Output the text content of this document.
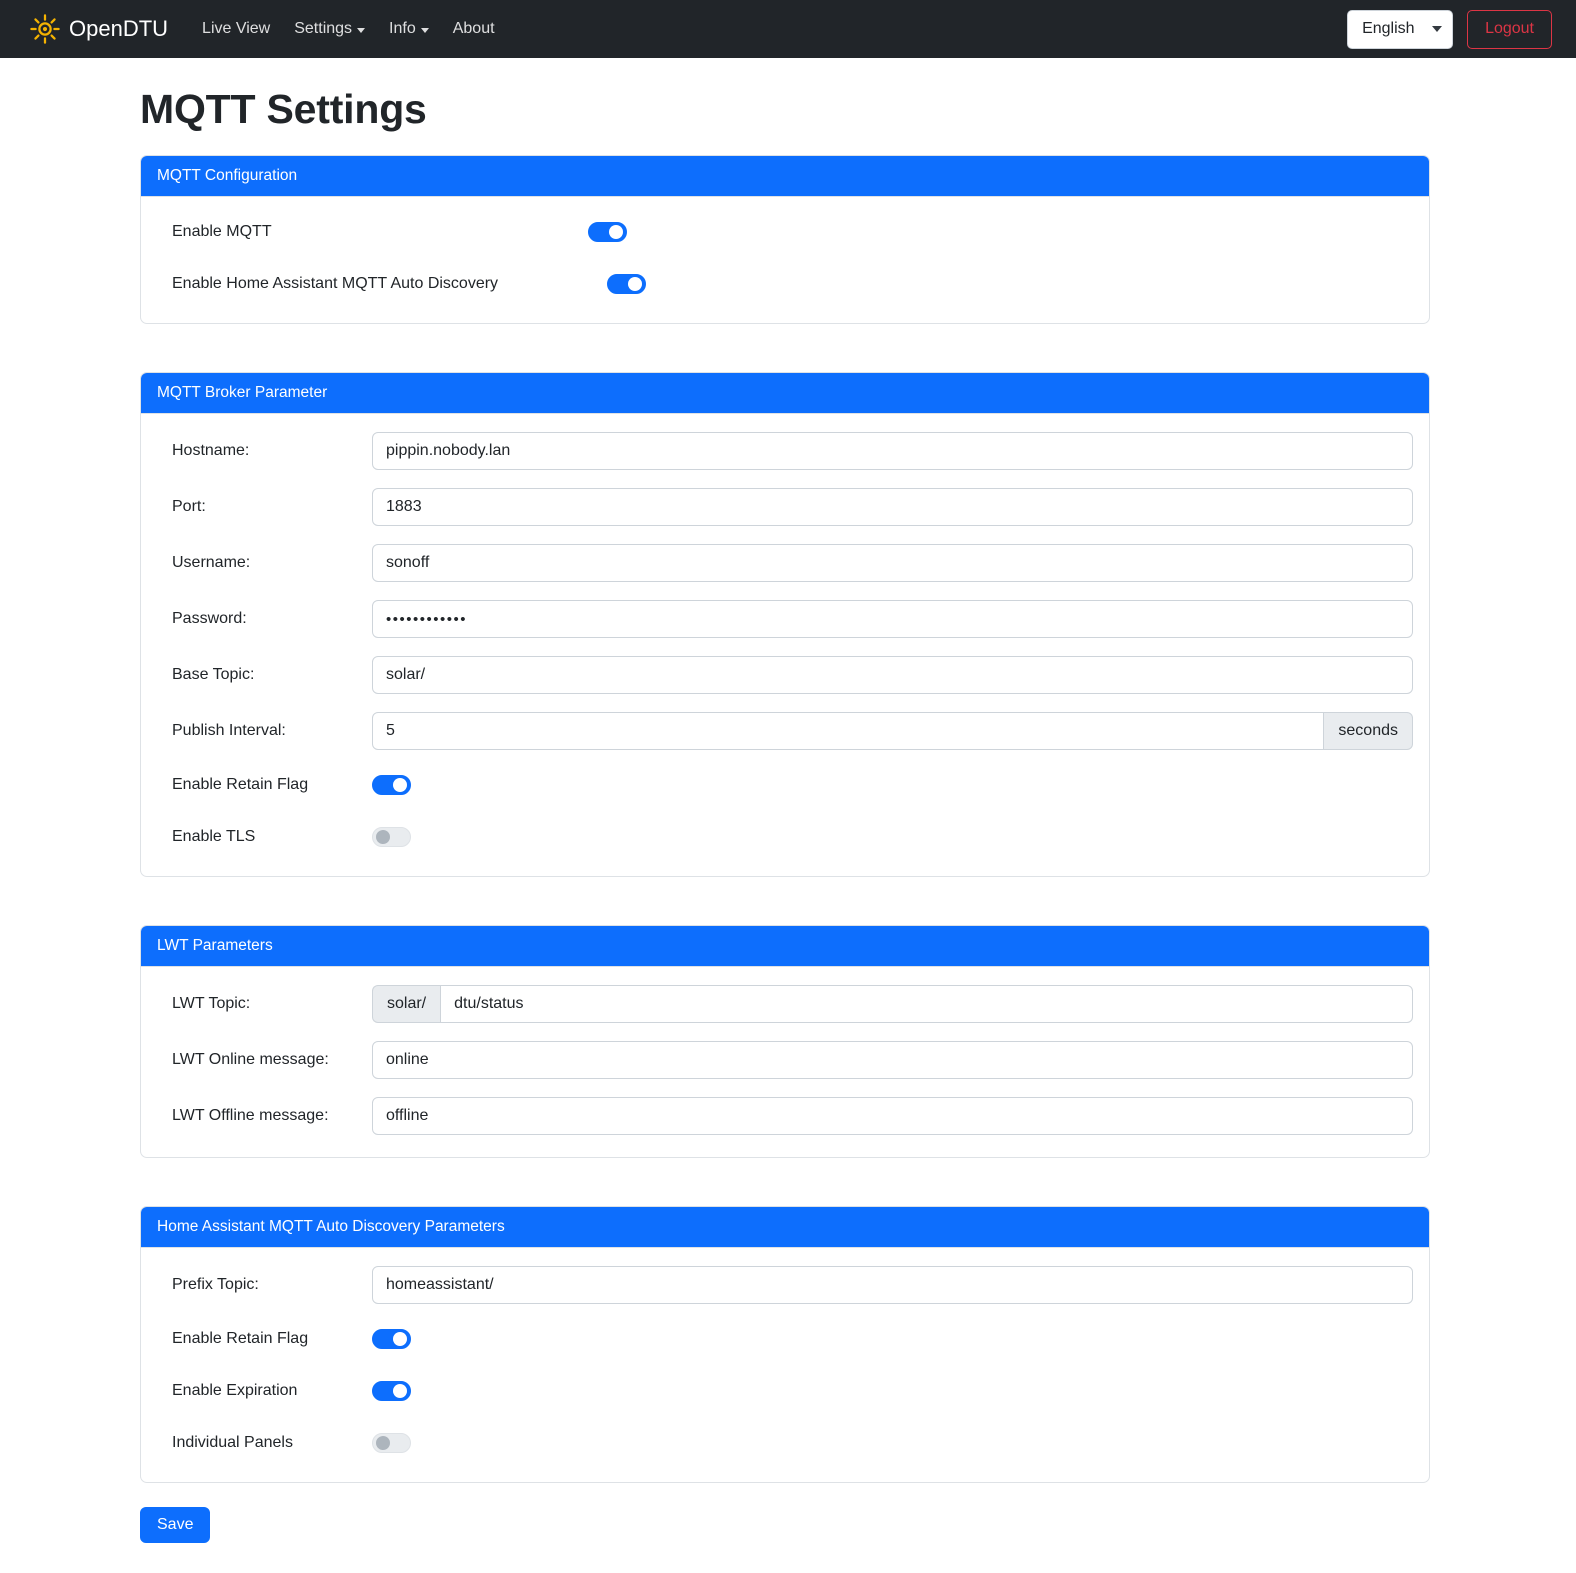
OpenDTU Live View Settings Info About	English	Logout
MQTT Settings
MQTT Configuration
Enable MQTT
Enable Home Assistant MQTT Auto Discovery
MQTT Broker Parameter
Hostname:	pippin.nobody.lan
Port:	1883
Username:	sonoff
Password:	••••••••••••
Base Topic:	solar/
Publish Interval:	5	seconds
Enable Retain Flag
Enable TLS
LWT Parameters
LWT Topic:	solar/	dtu/status
LWT Online message:	online
LWT Offline message:	offline
Home Assistant MQTT Auto Discovery Parameters
Prefix Topic:	homeassistant/
Enable Retain Flag
Enable Expiration
Individual Panels
Save
